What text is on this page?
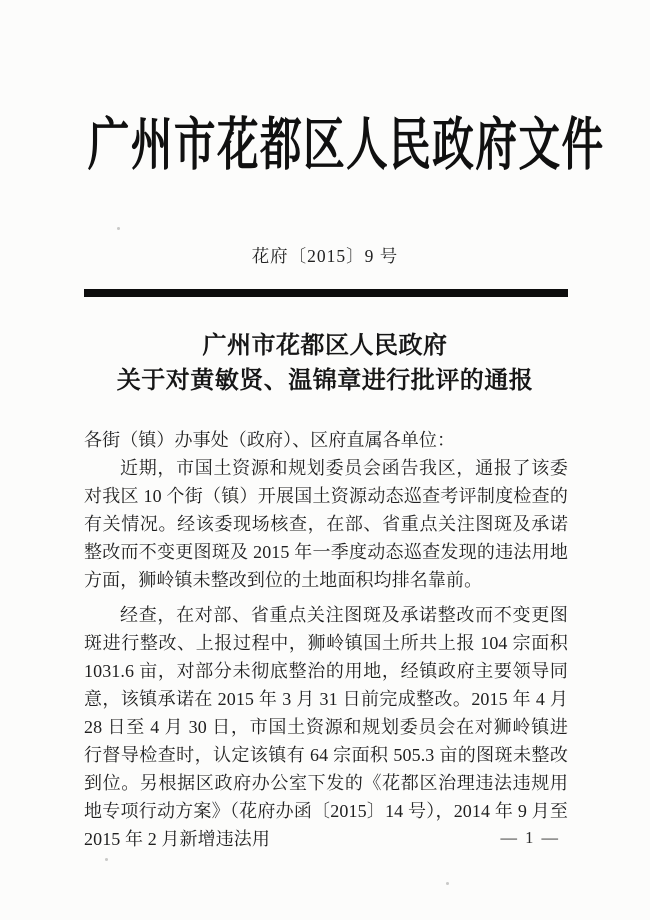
广州市花都区人民政府文件
花府〔2015〕9 号
广州市花都区人民政府
关于对黄敏贤、温锦章进行批评的通报

各街（镇）办事处（政府）、区府直属各单位：

近期，市国土资源和规划委员会函告我区，通报了该委对我区 10 个街（镇）开展国土资源动态巡查考评制度检查的有关情况。经该委现场核查，在部、省重点关注图斑及承诺整改而不变更图斑及 2015 年一季度动态巡查发现的违法用地方面，狮岭镇未整改到位的土地面积均排名靠前。

经查，在对部、省重点关注图斑及承诺整改而不变更图斑进行整改、上报过程中，狮岭镇国土所共上报 104 宗面积 1031.6 亩，对部分未彻底整治的用地，经镇政府主要领导同意，该镇承诺在 2015 年 3 月 31 日前完成整改。2015 年 4 月 28 日至 4 月 30 日，市国土资源和规划委员会在对狮岭镇进行督导检查时，认定该镇有 64 宗面积 505.3 亩的图斑未整改到位。另根据区政府办公室下发的《花都区治理违法违规用地专项行动方案》（花府办函〔2015〕14 号），2014 年 9 月至 2015 年 2 月新增违法用	— 1 —
